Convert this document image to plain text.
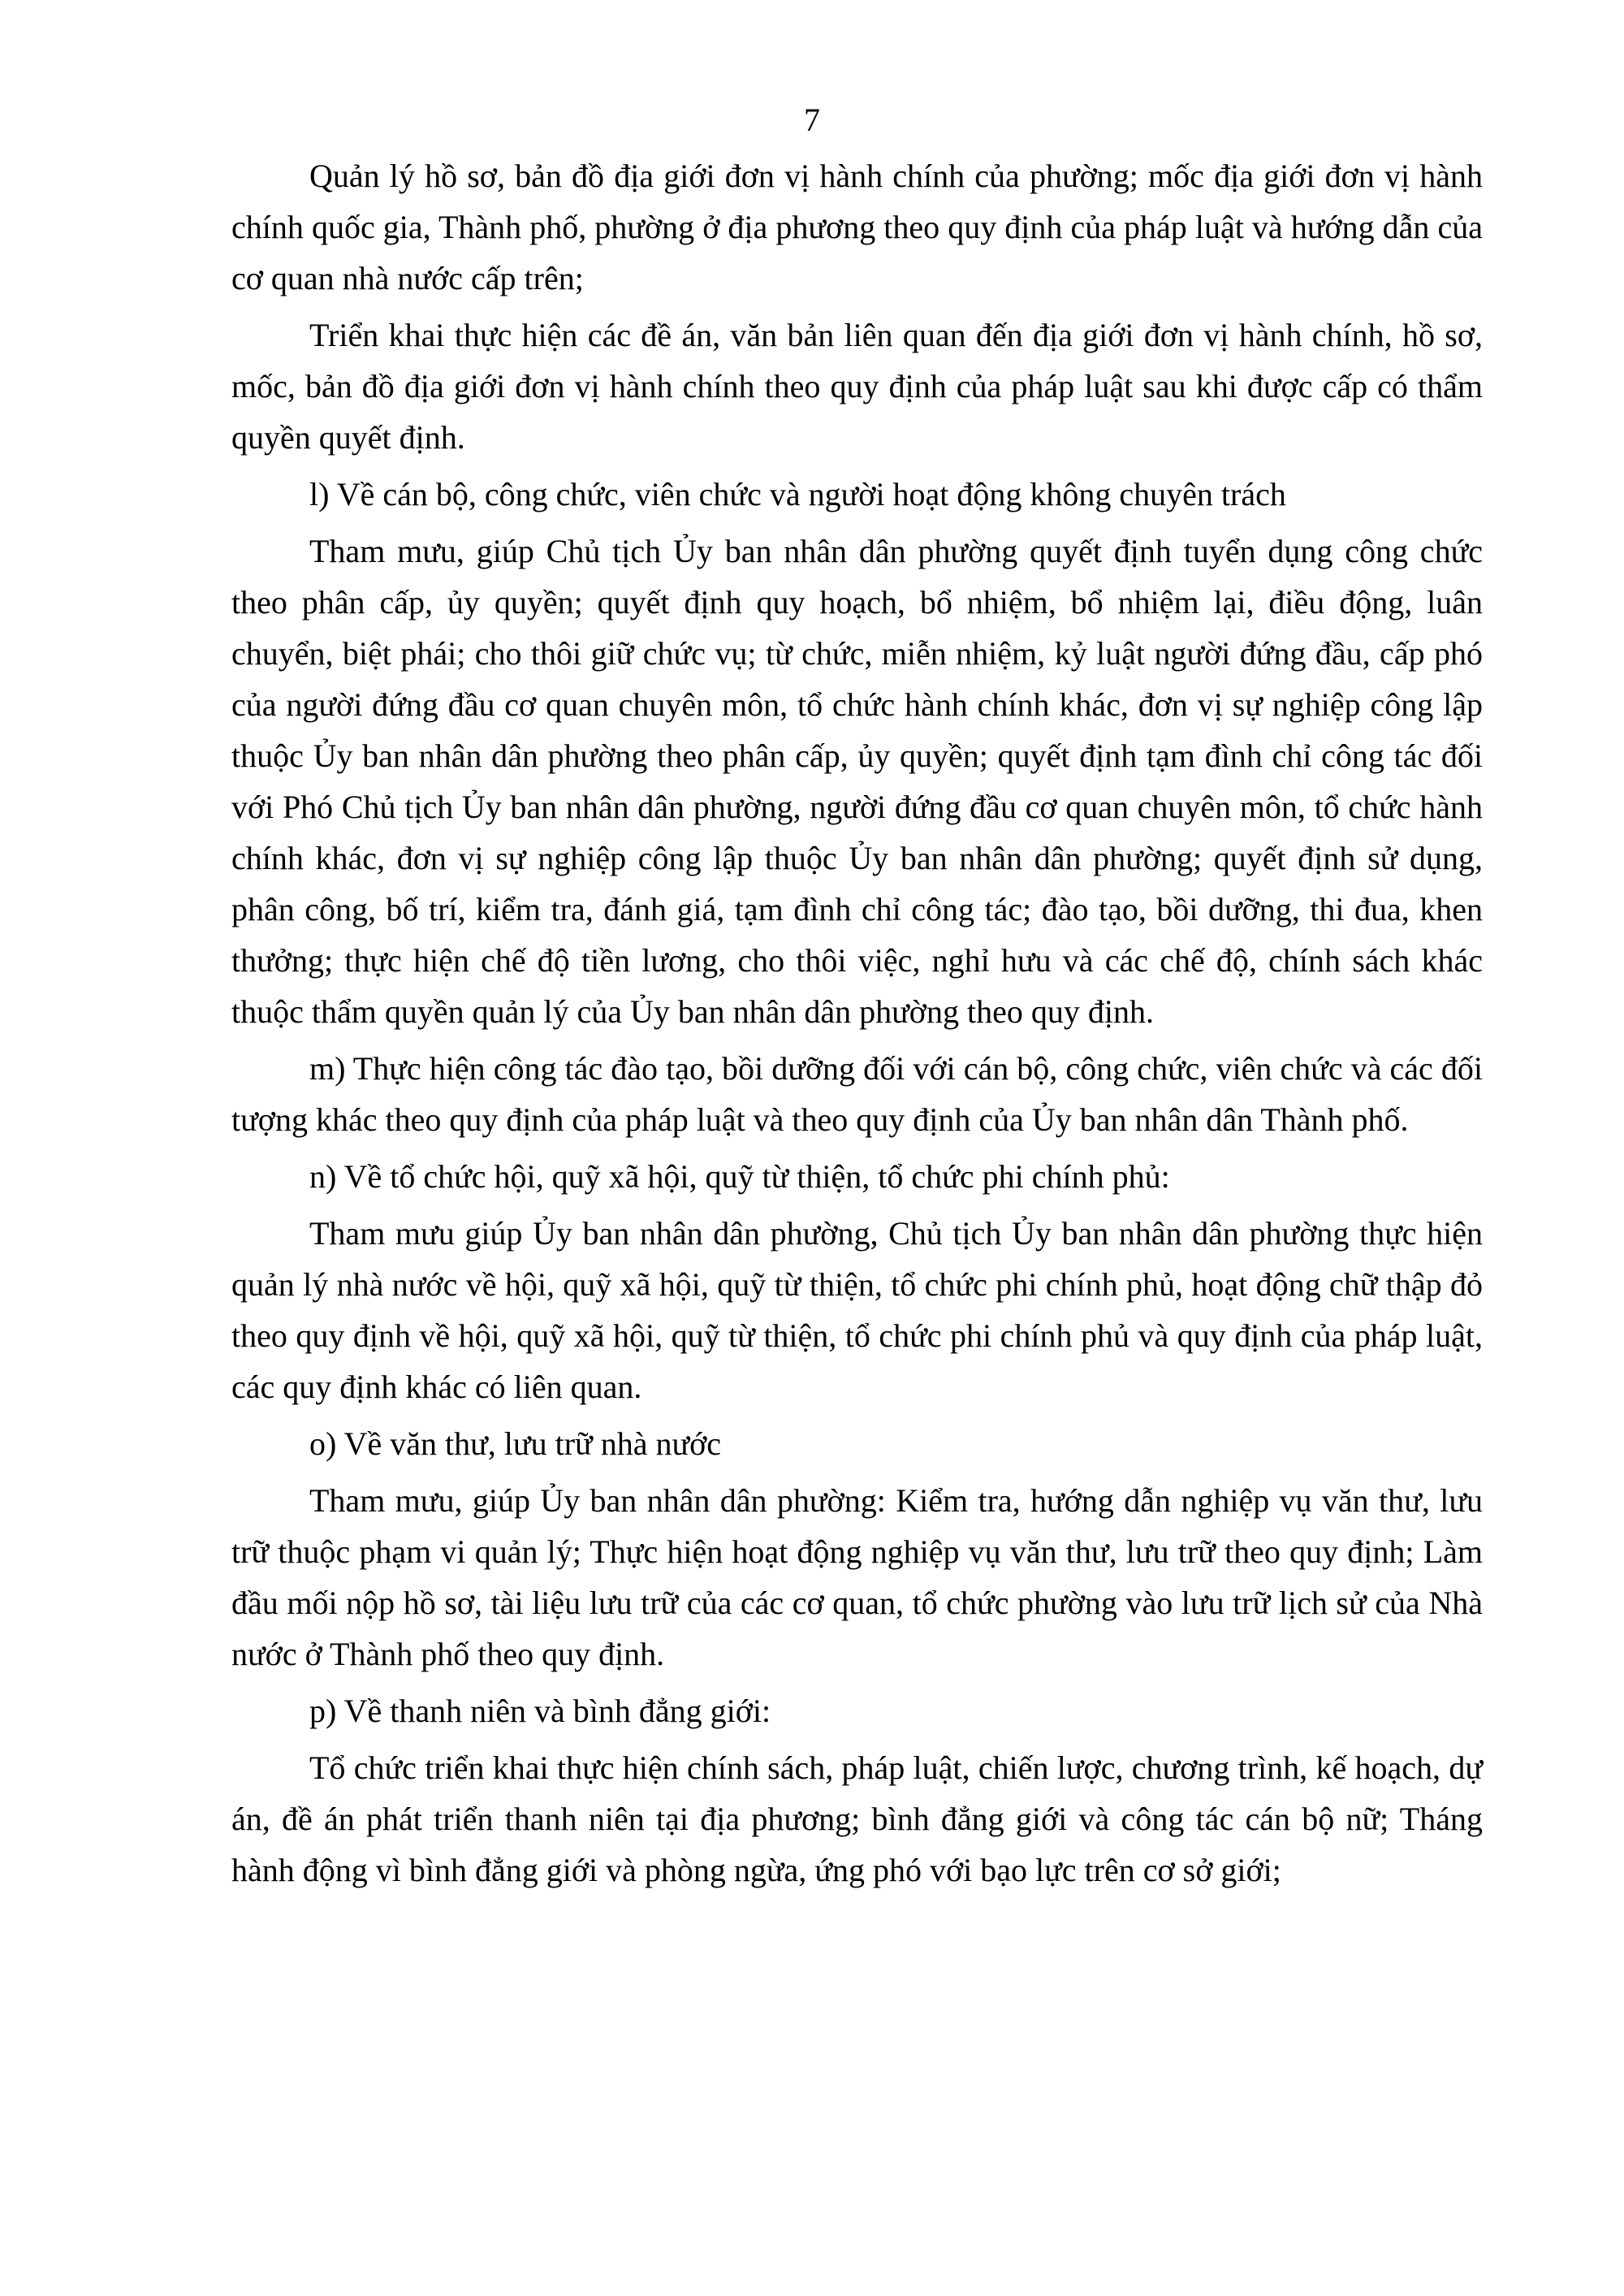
7

Quản lý hồ sơ, bản đồ địa giới đơn vị hành chính của phường; mốc địa giới đơn vị hành chính quốc gia, Thành phố, phường ở địa phương theo quy định của pháp luật và hướng dẫn của cơ quan nhà nước cấp trên;

Triển khai thực hiện các đề án, văn bản liên quan đến địa giới đơn vị hành chính, hồ sơ, mốc, bản đồ địa giới đơn vị hành chính theo quy định của pháp luật sau khi được cấp có thẩm quyền quyết định.

l) Về cán bộ, công chức, viên chức và người hoạt động không chuyên trách

Tham mưu, giúp Chủ tịch Ủy ban nhân dân phường quyết định tuyển dụng công chức theo phân cấp, ủy quyền; quyết định quy hoạch, bổ nhiệm, bổ nhiệm lại, điều động, luân chuyển, biệt phái; cho thôi giữ chức vụ; từ chức, miễn nhiệm, kỷ luật người đứng đầu, cấp phó của người đứng đầu cơ quan chuyên môn, tổ chức hành chính khác, đơn vị sự nghiệp công lập thuộc Ủy ban nhân dân phường theo phân cấp, ủy quyền; quyết định tạm đình chỉ công tác đối với Phó Chủ tịch Ủy ban nhân dân phường, người đứng đầu cơ quan chuyên môn, tổ chức hành chính khác, đơn vị sự nghiệp công lập thuộc Ủy ban nhân dân phường; quyết định sử dụng, phân công, bố trí, kiểm tra, đánh giá, tạm đình chỉ công tác; đào tạo, bồi dưỡng, thi đua, khen thưởng; thực hiện chế độ tiền lương, cho thôi việc, nghỉ hưu và các chế độ, chính sách khác thuộc thẩm quyền quản lý của Ủy ban nhân dân phường theo quy định.

m) Thực hiện công tác đào tạo, bồi dưỡng đối với cán bộ, công chức, viên chức và các đối tượng khác theo quy định của pháp luật và theo quy định của Ủy ban nhân dân Thành phố.

n) Về tổ chức hội, quỹ xã hội, quỹ từ thiện, tổ chức phi chính phủ:

Tham mưu giúp Ủy ban nhân dân phường, Chủ tịch Ủy ban nhân dân phường thực hiện quản lý nhà nước về hội, quỹ xã hội, quỹ từ thiện, tổ chức phi chính phủ, hoạt động chữ thập đỏ theo quy định về hội, quỹ xã hội, quỹ từ thiện, tổ chức phi chính phủ và quy định của pháp luật, các quy định khác có liên quan.

o) Về văn thư, lưu trữ nhà nước

Tham mưu, giúp Ủy ban nhân dân phường: Kiểm tra, hướng dẫn nghiệp vụ văn thư, lưu trữ thuộc phạm vi quản lý; Thực hiện hoạt động nghiệp vụ văn thư, lưu trữ theo quy định; Làm đầu mối nộp hồ sơ, tài liệu lưu trữ của các cơ quan, tổ chức phường vào lưu trữ lịch sử của Nhà nước ở Thành phố theo quy định.

p) Về thanh niên và bình đẳng giới:

Tổ chức triển khai thực hiện chính sách, pháp luật, chiến lược, chương trình, kế hoạch, dự án, đề án phát triển thanh niên tại địa phương; bình đẳng giới và công tác cán bộ nữ; Tháng hành động vì bình đẳng giới và phòng ngừa, ứng phó với bạo lực trên cơ sở giới;
